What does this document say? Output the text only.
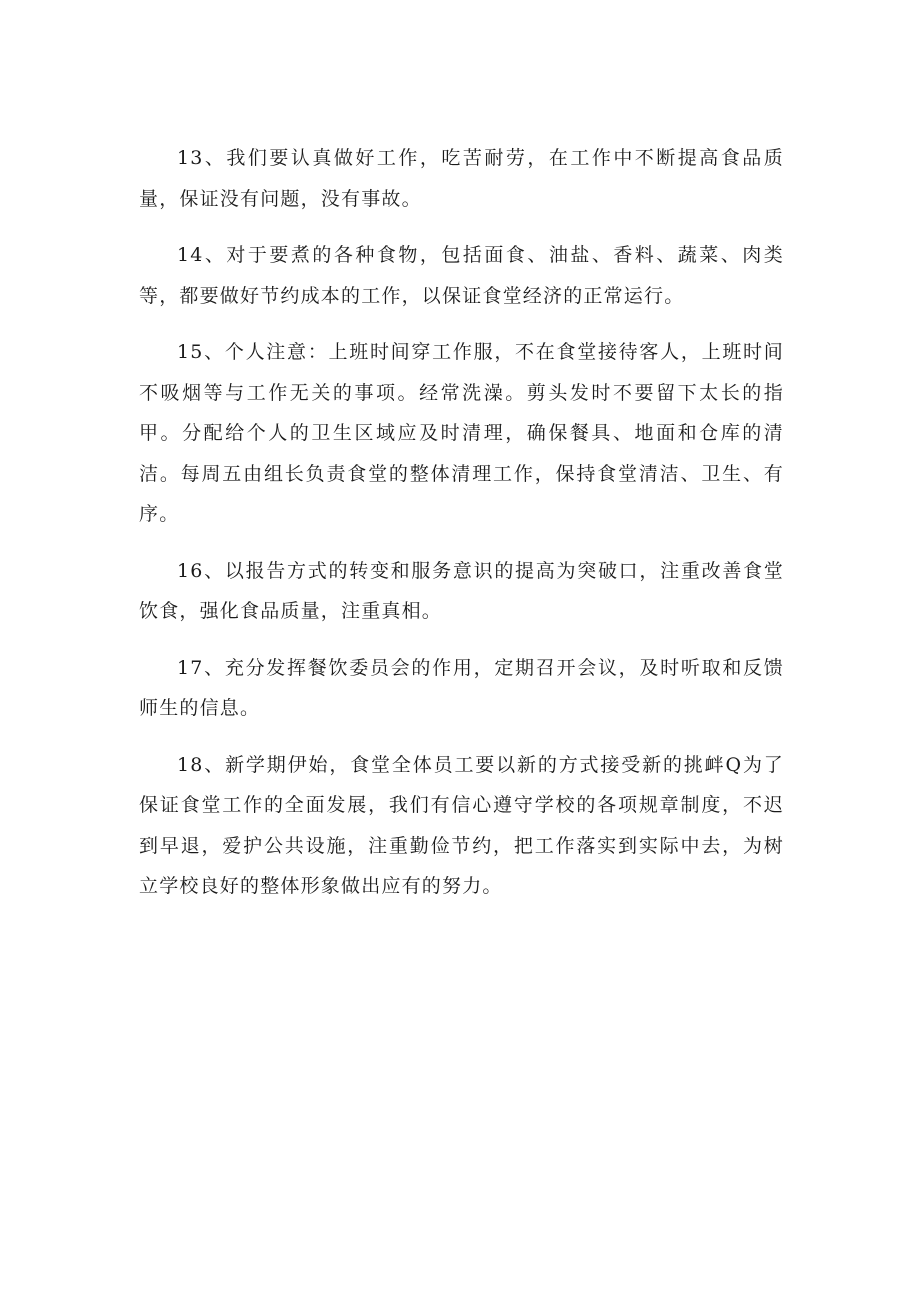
13、我们要认真做好工作，吃苦耐劳，在工作中不断提高食品质量，保证没有问题，没有事故。

14、对于要煮的各种食物，包括面食、油盐、香料、蔬菜、肉类等，都要做好节约成本的工作，以保证食堂经济的正常运行。

15、个人注意：上班时间穿工作服，不在食堂接待客人，上班时间不吸烟等与工作无关的事项。经常洗澡。剪头发时不要留下太长的指甲。分配给个人的卫生区域应及时清理，确保餐具、地面和仓库的清洁。每周五由组长负责食堂的整体清理工作，保持食堂清洁、卫生、有序。

16、以报告方式的转变和服务意识的提高为突破口，注重改善食堂饮食，强化食品质量，注重真相。

17、充分发挥餐饮委员会的作用，定期召开会议，及时听取和反馈师生的信息。

18、新学期伊始，食堂全体员工要以新的方式接受新的挑衅Q为了保证食堂工作的全面发展，我们有信心遵守学校的各项规章制度，不迟到早退，爱护公共设施，注重勤俭节约，把工作落实到实际中去，为树立学校良好的整体形象做出应有的努力。
